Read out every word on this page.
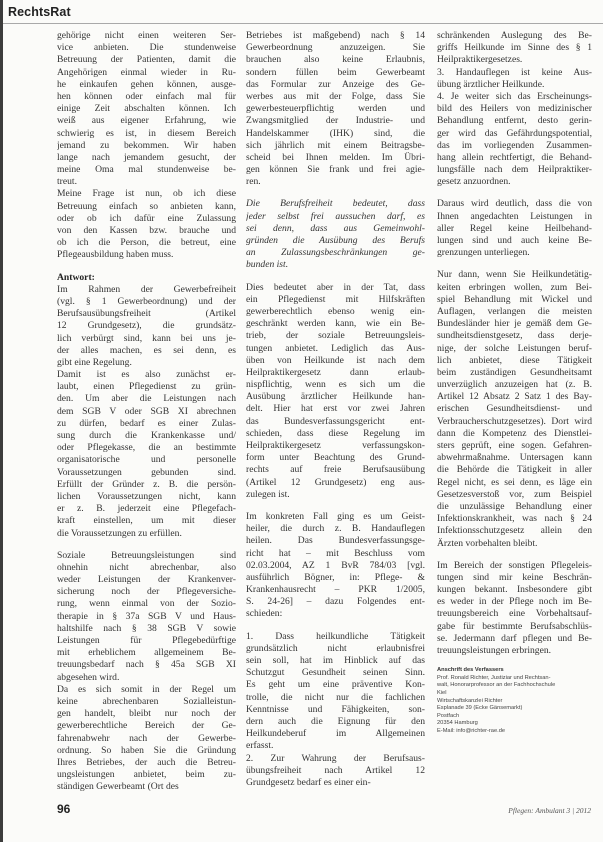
RechtsRat
gehörige nicht einen weiteren Ser-
vice anbieten. Die stundenweise
Betreuung der Patienten, damit die
Angehörigen einmal wieder in Ru-
he einkaufen gehen können, ausge-
hen können oder einfach mal für
einige Zeit abschalten können. Ich
weiß aus eigener Erfahrung, wie
schwierig es ist, in diesem Bereich
jemand zu bekommen. Wir haben
lange nach jemandem gesucht, der
meine Oma mal stundenweise be-
treut.
Meine Frage ist nun, ob ich diese
Betreuung einfach so anbieten kann,
oder ob ich dafür eine Zulassung
von den Kassen bzw. brauche und
ob ich die Person, die betreut, eine
Pflegeausbildung haben muss.
Antwort:
Im Rahmen der Gewerbefreiheit
(vgl. § 1 Gewerbeordnung) und der
Berufsausübungsfreiheit (Artikel
12 Grundgesetz), die grundsätz-
lich verbürgt sind, kann bei uns je-
der alles machen, es sei denn, es
gibt eine Regelung.
Damit ist es also zunächst er-
laubt, einen Pflegedienst zu grün-
den. Um aber die Leistungen nach
dem SGB V oder SGB XI abrechnen
zu dürfen, bedarf es einer Zulas-
sung durch die Krankenkasse und/
oder Pflegekasse, die an bestimmte
organisatorische und personelle
Voraussetzungen gebunden sind.
Erfüllt der Gründer z. B. die persön-
lichen Voraussetzungen nicht, kann
er z. B. jederzeit eine Pflegefach-
kraft einstellen, um mit dieser
die Voraussetzungen zu erfüllen.
Soziale Betreuungsleistungen sind
ohnehin nicht abrechenbar, also
weder Leistungen der Krankenver-
sicherung noch der Pflegeversiche-
rung, wenn einmal von der Sozio-
therapie in § 37a SGB V und Haus-
haltshilfe nach § 38 SGB V sowie
Leistungen für Pflegebedürftige
mit erheblichem allgemeinem Be-
treuungsbedarf nach § 45a SGB XI
abgesehen wird.
Da es sich somit in der Regel um
keine abrechenbaren Sozialleistun-
gen handelt, bleibt nur noch der
gewerberechtliche Bereich der Ge-
fahrenabwehr nach der Gewerbe-
ordnung. So haben Sie die Gründung
Ihres Betriebes, der auch die Betreu-
ungsleistungen anbietet, beim zu-
ständigen Gewerbeamt (Ort des
Betriebes ist maßgebend) nach § 14
Gewerbeordnung anzuzeigen. Sie
brauchen also keine Erlaubnis,
sondern füllen beim Gewerbeamt
das Formular zur Anzeige des Ge-
werbes aus mit der Folge, dass Sie
gewerbesteuerpflichtig werden und
Zwangsmitglied der Industrie- und
Handelskammer (IHK) sind, die
sich jährlich mit einem Beitragsbe-
scheid bei Ihnen melden. Im Übri-
gen können Sie frank und frei agie-
ren.
Die Berufsfreiheit bedeutet, dass
jeder selbst frei aussuchen darf, es
sei denn, dass aus Gemeinwohl-
gründen die Ausübung des Berufs
an Zulassungsbeschränkungen ge-
bunden ist.
Dies bedeutet aber in der Tat, dass
ein Pflegedienst mit Hilfskräften
gewerberechtlich ebenso wenig ein-
geschränkt werden kann, wie ein Be-
trieb, der soziale Betreuungsleis-
tungen anbietet. Lediglich das Aus-
üben von Heilkunde ist nach dem
Heilpraktikergesetz dann erlaub-
nispflichtig, wenn es sich um die
Ausübung ärztlicher Heilkunde han-
delt. Hier hat erst vor zwei Jahren
das Bundesverfassungsgericht ent-
schieden, dass diese Regelung im
Heilpraktikergesetz verfassungskon-
form unter Beachtung des Grund-
rechts auf freie Berufsausübung
(Artikel 12 Grundgesetz) eng aus-
zulegen ist.
Im konkreten Fall ging es um Geist-
heiler, die durch z. B. Handauflegen
heilen. Das Bundesverfassungsge-
richt hat – mit Beschluss vom
02.03.2004, AZ 1 BvR 784/03 [vgl.
ausführlich Bögner, in: Pflege- &
Krankenhausrecht – PKR 1/2005,
S. 24-26] – dazu Folgendes ent-
schieden:
1. Dass heilkundliche Tätigkeit
grundsätzlich nicht erlaubnisfrei
sein soll, hat im Hinblick auf das
Schutzgut Gesundheit seinen Sinn.
Es geht um eine präventive Kon-
trolle, die nicht nur die fachlichen
Kenntnisse und Fähigkeiten, son-
dern auch die Eignung für den
Heilkundeberuf im Allgemeinen
erfasst.
2. Zur Wahrung der Berufsaus-
übungsfreiheit nach Artikel 12
Grundgesetz bedarf es einer ein-
schränkenden Auslegung des Be-
griffs Heilkunde im Sinne des § 1
Heilpraktikergesetzes.
3. Handauflegen ist keine Aus-
übung ärztlicher Heilkunde.
4. Je weiter sich das Erscheinungs-
bild des Heilers von medizinischer
Behandlung entfernt, desto gerin-
ger wird das Gefährdungspotential,
das im vorliegenden Zusammen-
hang allein rechtfertigt, die Behand-
lungsfälle nach dem Heilpraktiker-
gesetz anzuordnen.
Daraus wird deutlich, dass die von
Ihnen angedachten Leistungen in
aller Regel keine Heilbehand-
lungen sind und auch keine Be-
grenzungen unterliegen.
Nur dann, wenn Sie Heilkundetätig-
keiten erbringen wollen, zum Bei-
spiel Behandlung mit Wickel und
Auflagen, verlangen die meisten
Bundesländer hier je gemäß dem Ge-
sundheitsdienstgesetz, dass derje-
nige, der solche Leistungen beruf-
lich anbietet, diese Tätigkeit
beim zuständigen Gesundheitsamt
unverzüglich anzuzeigen hat (z. B.
Artikel 12 Absatz 2 Satz 1 des Bay-
erischen Gesundheitsdienst- und
Verbraucherschutzgesetzes). Dort wird
dann die Kompetenz des Dienstlei-
sters geprüft, eine sogen. Gefahren-
abwehrmaßnahme. Untersagen kann
die Behörde die Tätigkeit in aller
Regel nicht, es sei denn, es läge ein
Gesetzesverstoß vor, zum Beispiel
die unzulässige Behandlung einer
Infektionskrankheit, was nach § 24
Infektionsschutzgesetz allein den
Ärzten vorbehalten bleibt.
Im Bereich der sonstigen Pflegeleis-
tungen sind mir keine Beschrän-
kungen bekannt. Insbesondere gibt
es weder in der Pflege noch im Be-
treuungsbereich eine Vorbehaltsauf-
gabe für bestimmte Berufsabschlüs-
se. Jedermann darf pflegen und Be-
treuungsleistungen erbringen.
Anschrift des Verfassers
Prof. Ronald Richter, Justiziar und Rechtsan-
walt, Honorarprofessor an der Fachhochschule
Kiel
Wirtschaftskanzlei Richter
Esplanade 39 (Ecke Gänsemarkt)
Postfach
20354 Hamburg
E-Mail: info@richter-rae.de
96	Pflegen: Ambulant 3 | 2012
